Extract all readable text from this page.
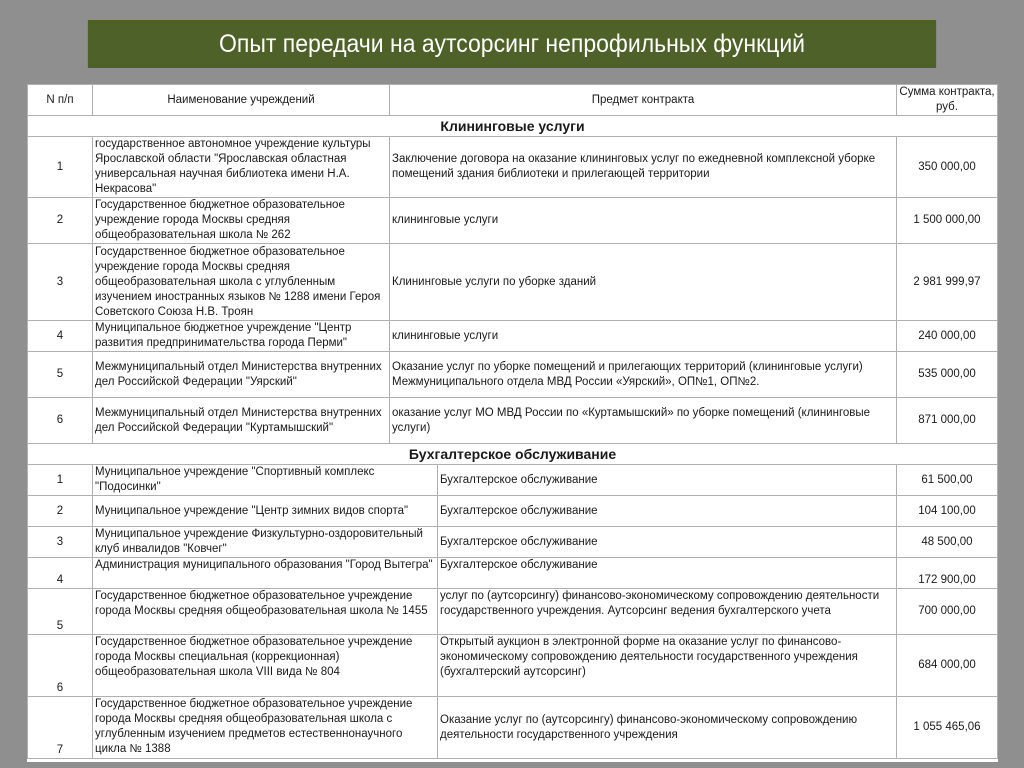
Опыт передачи на аутсорсинг непрофильных функций
N п/п	Наименование учреждений	Предмет контракта		Сумма контракта, руб.
Клининговые услуги				
1	государственное автономное учреждение культуры Ярославской области "Ярославская областная универсальная научная библиотека имени Н.А. Некрасова"	Заключение договора на оказание клининговых услуг по ежедневной комплексной уборке помещений здания библиотеки и прилегающей территории		350 000,00
2	Государственное бюджетное образовательное учреждение города Москвы средняя общеобразовательная школа № 262	клининговые услуги		1 500 000,00
3	Государственное бюджетное образовательное учреждение города Москвы средняя общеобразовательная школа с углубленным изучением иностранных языков № 1288 имени Героя Советского Союза Н.В. Троян	Клининговые услуги по уборке зданий		2 981 999,97
4	Муниципальное бюджетное учреждение "Центр развития предпринимательства города Перми"	клининговые услуги		240 000,00
5	Межмуниципальный отдел Министерства внутренних дел Российской Федерации "Уярский"	Оказание услуг по уборке помещений и прилегающих территорий (клининговые услуги) Межмуниципального отдела МВД России «Уярский», ОП№1, ОП№2.		535 000,00
6	Межмуниципальный отдел Министерства внутренних дел Российской Федерации "Куртамышский"	оказание услуг МО МВД России по «Куртамышский» по уборке помещений (клининговые услуги)		871 000,00
Бухгалтерское обслуживание				
1	Муниципальное учреждение "Спортивный комплекс "Подосинки"		Бухгалтерское обслуживание	61 500,00
2	Муниципальное учреждение "Центр зимних видов спорта"		Бухгалтерское обслуживание	104 100,00
3	Муниципальное учреждение Физкультурно-оздоровительный клуб инвалидов "Ковчег"		Бухгалтерское обслуживание	48 500,00
4	Администрация муниципального образования "Город Вытегра"		Бухгалтерское обслуживание	172 900,00
5	Государственное бюджетное образовательное учреждение города Москвы средняя общеобразовательная школа № 1455		услуг по (аутсорсингу) финансово-экономическому сопровождению деятельности государственного учреждения. Аутсорсинг ведения бухгалтерского учета	700 000,00
6	Государственное бюджетное образовательное учреждение города Москвы специальная (коррекционная) общеобразовательная школа VIII вида № 804		Открытый аукцион в электронной форме на оказание услуг по финансово-экономическому сопровождению деятельности государственного учреждения (бухгалтерский аутсорсинг)	684 000,00
7	Государственное бюджетное образовательное учреждение города Москвы средняя общеобразовательная школа с углубленным изучением предметов естественнонаучного цикла № 1388		Оказание услуг по (аутсорсингу) финансово-экономическому сопровождению деятельности государственного учреждения	1 055 465,06
